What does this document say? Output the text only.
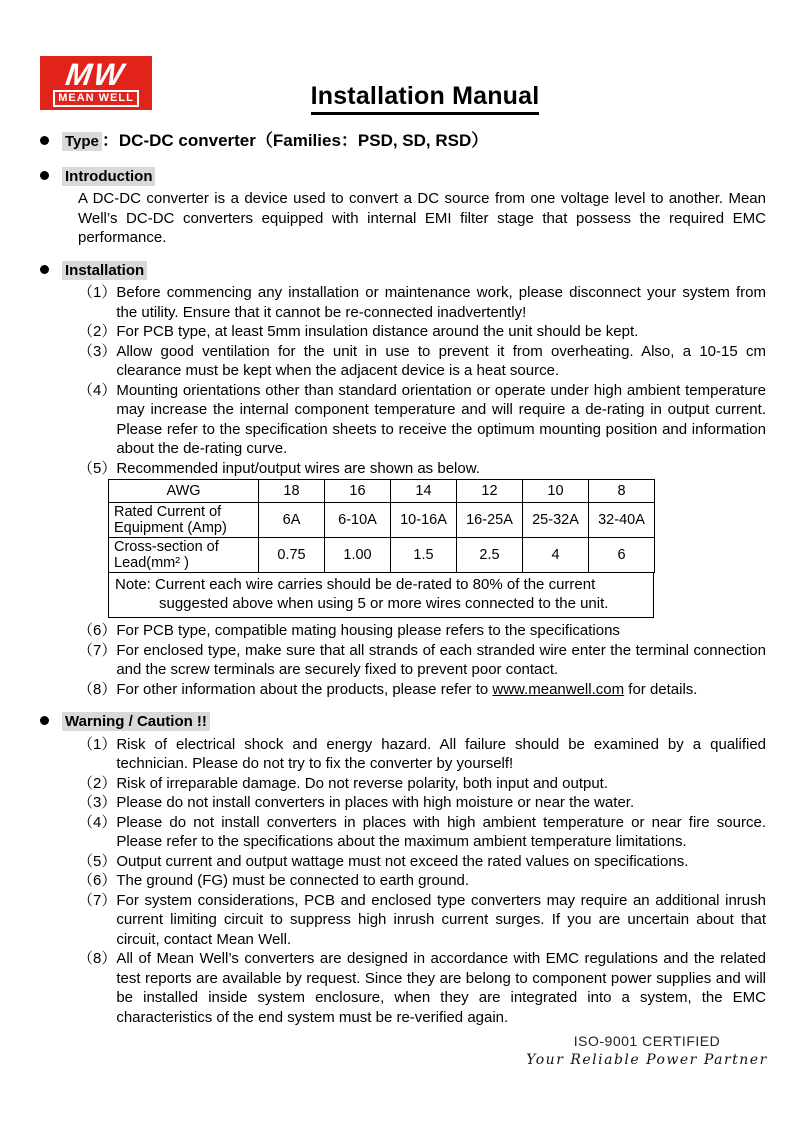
MW
MEAN WELL	Installation Manual
Type ：DC-DC converter（Families：PSD, SD, RSD）
Introduction
A DC-DC converter is a device used to convert a DC source from one voltage level to another. Mean Well’s DC-DC converters equipped with internal EMI filter stage that possess the required EMC performance.
Installation
（1） Before commencing any installation or maintenance work, please disconnect your system from the utility. Ensure that it cannot be re-connected inadvertently!
（2） For PCB type, at least 5mm insulation distance around the unit should be kept.
（3） Allow good ventilation for the unit in use to prevent it from overheating. Also, a 10-15 cm clearance must be kept when the adjacent device is a heat source.
（4） Mounting orientations other than standard orientation or operate under high ambient temperature may increase the internal component temperature and will require a de-rating in output current. Please refer to the specification sheets to receive the optimum mounting position and information about the de-rating curve.
（5） Recommended input/output wires are shown as below.
AWG	18	16	14	12	10	8
Rated Current of Equipment (Amp)	6A	6-10A	10-16A	16-25A	25-32A	32-40A
Cross-section of Lead(mm² )	0.75	1.00	1.5	2.5	4	6
Note: Current each wire carries should be de-rated to 80% of the current
suggested above when using 5 or more wires connected to the unit.
（6） For PCB type, compatible mating housing please refers to the specifications
（7） For enclosed type, make sure that all strands of each stranded wire enter the terminal connection and the screw terminals are securely fixed to prevent poor contact.
（8） For other information about the products, please refer to www.meanwell.com for details.
Warning / Caution !!
（1） Risk of electrical shock and energy hazard. All failure should be examined by a qualified technician. Please do not try to fix the converter by yourself!
（2） Risk of irreparable damage. Do not reverse polarity, both input and output.
（3） Please do not install converters in places with high moisture or near the water.
（4） Please do not install converters in places with high ambient temperature or near fire source. Please refer to the specifications about the maximum ambient temperature limitations.
（5） Output current and output wattage must not exceed the rated values on specifications.
（6） The ground (FG) must be connected to earth ground.
（7） For system considerations, PCB and enclosed type converters may require an additional inrush current limiting circuit to suppress high inrush current surges. If you are uncertain about that circuit, contact Mean Well.
（8） All of Mean Well’s converters are designed in accordance with EMC regulations and the related test reports are available by request. Since they are belong to component power supplies and will be installed inside system enclosure, when they are integrated into a system, the EMC characteristics of the end system must be re-verified again.
ISO-9001 CERTIFIED
Your Reliable Power Partner
